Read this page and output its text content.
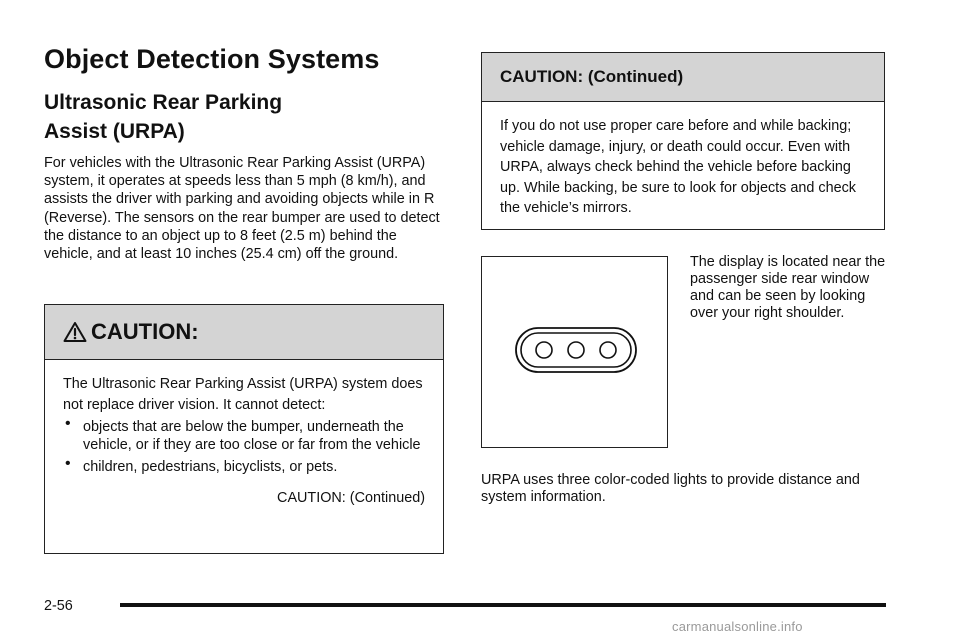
Object Detection Systems
Ultrasonic Rear Parking
Assist (URPA)

For vehicles with the Ultrasonic Rear Parking Assist (URPA) system, it operates at speeds less than 5 mph (8 km/h), and assists the driver with parking and avoiding objects while in R (Reverse). The sensors on the rear bumper are used to detect the distance to an object up to 8 feet (2.5 m) behind the vehicle, and at least 10 inches (25.4 cm) off the ground.

CAUTION:
The Ultrasonic Rear Parking Assist (URPA) system does not replace driver vision. It cannot detect:
• objects that are below the bumper, underneath the vehicle, or if they are too close or far from the vehicle
• children, pedestrians, bicyclists, or pets.
CAUTION: (Continued)
CAUTION: (Continued)
If you do not use proper care before and while backing; vehicle damage, injury, or death could occur. Even with URPA, always check behind the vehicle before backing up. While backing, be sure to look for objects and check the vehicle’s mirrors.
The display is located near the passenger side rear window and can be seen by looking over your right shoulder.
URPA uses three color-coded lights to provide distance and system information.
2-56
carmanualsonline.info
